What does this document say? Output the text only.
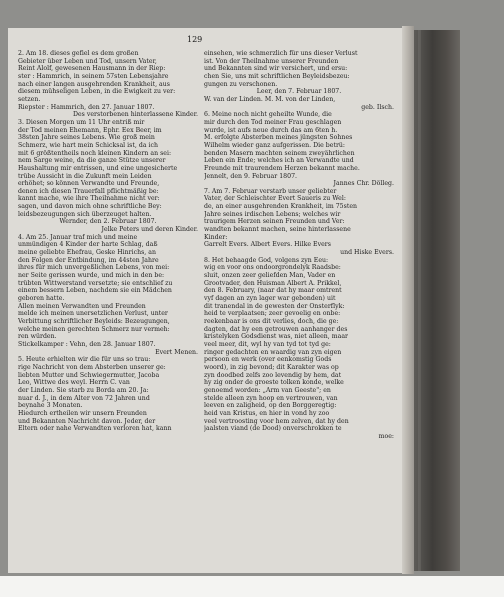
129

2. Am 18. dieses gefiel es dem großen

Gebieter über Leben und Tod, unsern Vater,

Reint Alolf, gewesenen Hausmann in der Riep:

ster : Hammrich, in seinem 57sten Lebensjahre

nach einer langen ausgehrenden Krankheit, aus

diesem mühseligen Leben, in die Ewigkeit zu ver:

setzen.

Riepster : Hammrich, den 27. Januar 1807.

Des verstorbenen hinterlassene Kinder.

3. Diesen Morgen um 11 Uhr entriß mir

der Tod meinen Ehemann, Ephr. Eex Beer, im

38sten Jahre seines Lebens. Wie groß mein

Schmerz, wie hart mein Schicksal ist, da ich

mit 6 größtentheils noch kleinen Kindern an sei:

nem Sarge weine, da die ganze Stütze unserer

Haushaltung mir entrissen, und eine ungesicherte

trübe Aussicht in die Zukunft mein Leiden

erhöhet; so können Verwandte und Freunde,

denen ich diesen Trauerfall pflichtmäßig be:

kannt mache, wie ihre Theilnahme nicht ver:

sagen, und davon mich ohne schriftliche Bey:

leidsbezeugungen sich überzeuget halten.

Wernder, den 2. Februar 1807.

Jelke Peters und deren Kinder.

4. Am 25. Januar traf mich und meine

unmündigen 4 Kinder der harte Schlag, daß

meine geliebte Ehefrau, Geske Hinrichs, an

den Folgen der Entbindung, im 44sten Jahre

ihres für mich unvergeßlichen Lebens, von mei:

ner Seite gerissen wurde, und mich in den be:

trübten Wittwerstand versetzte; sie entschlief zu

einem bessern Leben, nachdem sie ein Mädchen

geboren hatte.

Allen meinen Verwandten und Freunden

melde ich meinen unersetzlichen Verlust, unter

Verbittung schriftlicher Beyleids: Bezeugungen,

welche meinen gerechten Schmerz nur vermeh:

ren würden.

Stickelkamper : Vehn, den 28. Januar 1807.

Evert Menen.

5. Heute erhielten wir die für uns so trau:

rige Nachricht von dem Absterben unserer ge:

liebten Mutter und Schwiegermutter, Jacoba

Leo, Wittwe des weyl. Herrn C. van

der Linden. Sie starb zu Borda am 20. Ja:

nuar d. J., in dem Alter von 72 Jahren und

beynahe 3 Monaten.

Hiedurch ertheilen wir unsern Freunden

und Bekannten Nachricht davon. Jeder, der

Eltern oder nahe Verwandten verloren hat, kann

einsehen, wie schmerzlich für uns dieser Verlust

ist. Von der Theilnahme unserer Freunden

und Bekannten sind wir versichert, und ersu:

chen Sie, uns mit schriftlichen Beyleidsbezeu:

gungen zu verschonen.

Leer, den 7. Februar 1807.

W. van der Linden. M. M. von der Linden,

geb. Ilsch.

6. Meine noch nicht geheilte Wunde, die

mir durch den Tod meiner Frau geschlagen

wurde, ist aufs neue durch das am 6ten h.

M. erfolgte Absterben meines jüngsten Sohnes

Wilhelm wieder ganz aufgerissen. Die betrü:

benden Masern machten seinem zweyährlichen

Leben ein Ende; welches ich an Verwandte und

Freunde mit traurendem Herzen bekannt mache.

Jennelt, den 9. Februar 1807.

Jannes Chr. Dölleg.

7. Am 7. Februar verstarb unser geliebter

Vater, der Schleischter Evert Saueris zu Wel:

de, an einer ausgehrenden Krankheit, im 75sten

Jahre seines irdischen Lebens; welches wir

traurigem Herzen seinen Freunden und Ver:

wandten bekannt machen, seine hinterlassene

Kinder:

Garrelt Evers. Albert Evers. Hilke Evers

und Hiske Evers.

8. Het behaagde God, volgens zyn Eeu:

wig en voor ons ondoorgrondelyk Raadsbe:

sluit, onzen zeer geliefden Man, Vader en

Grootvader, den Huisman Albert A. Prikkel,

den 8. February, (naar dat hy maar omtrent

vyf dagen an zyn lager war gebonden) uit

dit tranendal in de gewesten der Onsterflyk:

heid te verplaatsen; zeer gevoelig en onbe:

reekenbaar is ons dit verlies, doch, die ge:

dagten, dat hy een getrouwen aanhanger des

kristelyken Godsdienst was, niet alleen, maar

veel meer, dit, wyl hy van tyd tot tyd ge:

ringer gedachten en waardig van zyn eigen

persoon en werk (over eenkomstig Gods

woord), in zig bevond; dit Karakter was op

zyn doodbed zelfs zoo levendig by hem, dat

hy zig onder de groeste tolken konde, welke

genoemd worden: „Arm van Geeste"; en

stelde alleen zyn hoop en vertrouwen, van

leeven en zaligheid, op den Borggeregtig:

heid van Kristus, en hier in vond hy zoo

veel vertroosting voor hem zelven, dat hy den

jaalsten viand (de Dood) onverschrokken te

moe:
